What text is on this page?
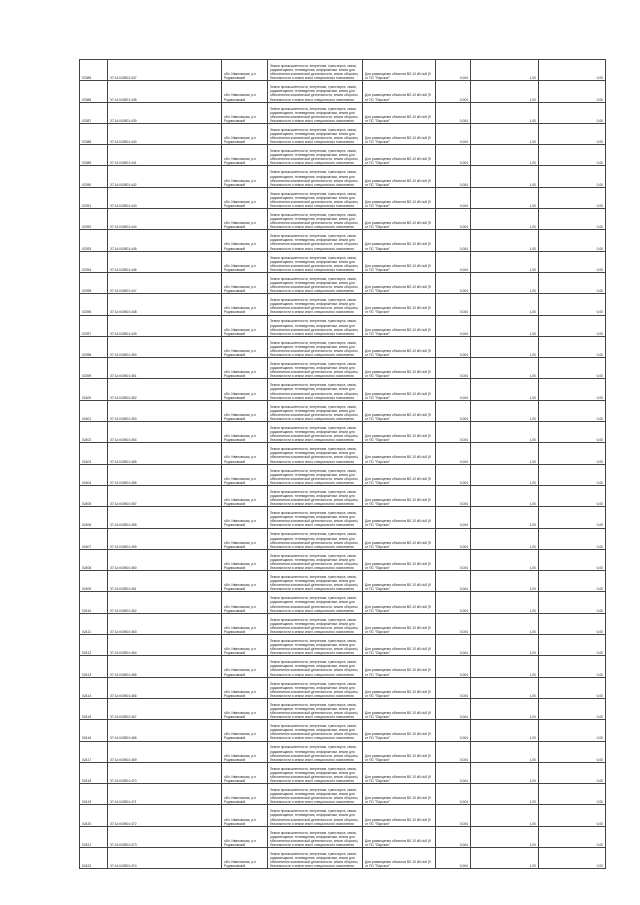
02385	37:14:040501:437	обл. Ивановская, р-н Родниковский	Земли промышленности, энергетики, транспорта, связи, радиовещания, телевидения, информатики, земли для обеспечения космической деятельности, земли обороны, безопасности и земли иного специального назначения	Для размещения объектов ВЛ-10 кВ №8 (9 от ПС "Парское"	0,004	1,00	0,00
02386	37:14:040501:438	обл. Ивановская, р-н Родниковский	Земли промышленности, энергетики, транспорта, связи, радиовещания, телевидения, информатики, земли для обеспечения космической деятельности, земли обороны, безопасности и земли иного специального назначения	Для размещения объектов ВЛ-10 кВ №8 (9 от ПС "Парское"	0,004	1,00	0,00
02387	37:14:040501:439	обл. Ивановская, р-н Родниковский	Земли промышленности, энергетики, транспорта, связи, радиовещания, телевидения, информатики, земли для обеспечения космической деятельности, земли обороны, безопасности и земли иного специального назначения	Для размещения объектов ВЛ-10 кВ №8 (9 от ПС "Парское"	0,004	1,00	0,00
02388	37:14:040501:440	обл. Ивановская, р-н Родниковский	Земли промышленности, энергетики, транспорта, связи, радиовещания, телевидения, информатики, земли для обеспечения космической деятельности, земли обороны, безопасности и земли иного специального назначения	Для размещения объектов ВЛ-10 кВ №8 (9 от ПС "Парское"	0,004	1,00	0,00
02389	37:14:040501:441	обл. Ивановская, р-н Родниковский	Земли промышленности, энергетики, транспорта, связи, радиовещания, телевидения, информатики, земли для обеспечения космической деятельности, земли обороны, безопасности и земли иного специального назначения	Для размещения объектов ВЛ-10 кВ №8 (9 от ПС "Парское"	0,004	1,00	0,00
02390	37:14:040501:442	обл. Ивановская, р-н Родниковский	Земли промышленности, энергетики, транспорта, связи, радиовещания, телевидения, информатики, земли для обеспечения космической деятельности, земли обороны, безопасности и земли иного специального назначения	Для размещения объектов ВЛ-10 кВ №8 (9 от ПС "Парское"	0,004	1,00	0,00
02391	37:14:040501:443	обл. Ивановская, р-н Родниковский	Земли промышленности, энергетики, транспорта, связи, радиовещания, телевидения, информатики, земли для обеспечения космической деятельности, земли обороны, безопасности и земли иного специального назначения	Для размещения объектов ВЛ-10 кВ №8 (9 от ПС "Парское"	0,004	1,00	0,00
02392	37:14:040501:444	обл. Ивановская, р-н Родниковский	Земли промышленности, энергетики, транспорта, связи, радиовещания, телевидения, информатики, земли для обеспечения космической деятельности, земли обороны, безопасности и земли иного специального назначения	Для размещения объектов ВЛ-10 кВ №8 (9 от ПС "Парское"	0,004	1,00	0,00
02393	37:14:040501:445	обл. Ивановская, р-н Родниковский	Земли промышленности, энергетики, транспорта, связи, радиовещания, телевидения, информатики, земли для обеспечения космической деятельности, земли обороны, безопасности и земли иного специального назначения	Для размещения объектов ВЛ-10 кВ №8 (9 от ПС "Парское"	0,004	1,00	0,00
02394	37:14:040501:446	обл. Ивановская, р-н Родниковский	Земли промышленности, энергетики, транспорта, связи, радиовещания, телевидения, информатики, земли для обеспечения космической деятельности, земли обороны, безопасности и земли иного специального назначения	Для размещения объектов ВЛ-10 кВ №8 (9 от ПС "Парское"	0,004	1,00	0,00
02395	37:14:040501:447	обл. Ивановская, р-н Родниковский	Земли промышленности, энергетики, транспорта, связи, радиовещания, телевидения, информатики, земли для обеспечения космической деятельности, земли обороны, безопасности и земли иного специального назначения	Для размещения объектов ВЛ-10 кВ №8 (9 от ПС "Парское"	0,004	1,00	0,00
02396	37:14:040501:448	обл. Ивановская, р-н Родниковский	Земли промышленности, энергетики, транспорта, связи, радиовещания, телевидения, информатики, земли для обеспечения космической деятельности, земли обороны, безопасности и земли иного специального назначения	Для размещения объектов ВЛ-10 кВ №8 (9 от ПС "Парское"	0,004	1,00	0,00
02397	37:14:040501:449	обл. Ивановская, р-н Родниковский	Земли промышленности, энергетики, транспорта, связи, радиовещания, телевидения, информатики, земли для обеспечения космической деятельности, земли обороны, безопасности и земли иного специального назначения	Для размещения объектов ВЛ-10 кВ №8 (9 от ПС "Парское"	0,004	1,00	0,00
02398	37:14:040501:450	обл. Ивановская, р-н Родниковский	Земли промышленности, энергетики, транспорта, связи, радиовещания, телевидения, информатики, земли для обеспечения космической деятельности, земли обороны, безопасности и земли иного специального назначения	Для размещения объектов ВЛ-10 кВ №8 (9 от ПС "Парское"	0,004	1,00	0,00
02399	37:14:040501:451	обл. Ивановская, р-н Родниковский	Земли промышленности, энергетики, транспорта, связи, радиовещания, телевидения, информатики, земли для обеспечения космической деятельности, земли обороны, безопасности и земли иного специального назначения	Для размещения объектов ВЛ-10 кВ №8 (9 от ПС "Парское"	0,004	1,00	0,00
02400	37:14:040501:452	обл. Ивановская, р-н Родниковский	Земли промышленности, энергетики, транспорта, связи, радиовещания, телевидения, информатики, земли для обеспечения космической деятельности, земли обороны, безопасности и земли иного специального назначения	Для размещения объектов ВЛ-10 кВ №8 (9 от ПС "Парское"	0,004	1,00	0,00
02401	37:14:040501:453	обл. Ивановская, р-н Родниковский	Земли промышленности, энергетики, транспорта, связи, радиовещания, телевидения, информатики, земли для обеспечения космической деятельности, земли обороны, безопасности и земли иного специального назначения	Для размещения объектов ВЛ-10 кВ №8 (9 от ПС "Парское"	0,004	1,00	0,00
02402	37:14:040501:454	обл. Ивановская, р-н Родниковский	Земли промышленности, энергетики, транспорта, связи, радиовещания, телевидения, информатики, земли для обеспечения космической деятельности, земли обороны, безопасности и земли иного специального назначения	Для размещения объектов ВЛ-10 кВ №8 (9 от ПС "Парское"	0,004	1,00	0,00
02403	37:14:040501:455	обл. Ивановская, р-н Родниковский	Земли промышленности, энергетики, транспорта, связи, радиовещания, телевидения, информатики, земли для обеспечения космической деятельности, земли обороны, безопасности и земли иного специального назначения	Для размещения объектов ВЛ-10 кВ №8 (9 от ПС "Парское"	0,004	1,00	0,00
02404	37:14:040501:456	обл. Ивановская, р-н Родниковский	Земли промышленности, энергетики, транспорта, связи, радиовещания, телевидения, информатики, земли для обеспечения космической деятельности, земли обороны, безопасности и земли иного специального назначения	Для размещения объектов ВЛ-10 кВ №8 (9 от ПС "Парское"	0,004	1,00	0,00
02405	37:14:040501:457	обл. Ивановская, р-н Родниковский	Земли промышленности, энергетики, транспорта, связи, радиовещания, телевидения, информатики, земли для обеспечения космической деятельности, земли обороны, безопасности и земли иного специального назначения	Для размещения объектов ВЛ-10 кВ №8 (9 от ПС "Парское"	0,004	1,00	0,00
02406	37:14:040501:458	обл. Ивановская, р-н Родниковский	Земли промышленности, энергетики, транспорта, связи, радиовещания, телевидения, информатики, земли для обеспечения космической деятельности, земли обороны, безопасности и земли иного специального назначения	Для размещения объектов ВЛ-10 кВ №8 (9 от ПС "Парское"	0,004	1,00	0,00
02407	37:14:040501:459	обл. Ивановская, р-н Родниковский	Земли промышленности, энергетики, транспорта, связи, радиовещания, телевидения, информатики, земли для обеспечения космической деятельности, земли обороны, безопасности и земли иного специального назначения	Для размещения объектов ВЛ-10 кВ №8 (9 от ПС "Парское"	0,004	1,00	0,00
02408	37:14:040501:460	обл. Ивановская, р-н Родниковский	Земли промышленности, энергетики, транспорта, связи, радиовещания, телевидения, информатики, земли для обеспечения космической деятельности, земли обороны, безопасности и земли иного специального назначения	Для размещения объектов ВЛ-10 кВ №8 (9 от ПС "Парское"	0,004	1,00	0,00
02409	37:14:040501:461	обл. Ивановская, р-н Родниковский	Земли промышленности, энергетики, транспорта, связи, радиовещания, телевидения, информатики, земли для обеспечения космической деятельности, земли обороны, безопасности и земли иного специального назначения	Для размещения объектов ВЛ-10 кВ №8 (9 от ПС "Парское"	0,004	1,00	0,00
02410	37:14:040501:462	обл. Ивановская, р-н Родниковский	Земли промышленности, энергетики, транспорта, связи, радиовещания, телевидения, информатики, земли для обеспечения космической деятельности, земли обороны, безопасности и земли иного специального назначения	Для размещения объектов ВЛ-10 кВ №8 (9 от ПС "Парское"	0,004	1,00	0,00
02411	37:14:040501:463	обл. Ивановская, р-н Родниковский	Земли промышленности, энергетики, транспорта, связи, радиовещания, телевидения, информатики, земли для обеспечения космической деятельности, земли обороны, безопасности и земли иного специального назначения	Для размещения объектов ВЛ-10 кВ №8 (9 от ПС "Парское"	0,004	1,00	0,00
02412	37:14:040501:464	обл. Ивановская, р-н Родниковский	Земли промышленности, энергетики, транспорта, связи, радиовещания, телевидения, информатики, земли для обеспечения космической деятельности, земли обороны, безопасности и земли иного специального назначения	Для размещения объектов ВЛ-10 кВ №8 (9 от ПС "Парское"	0,004	1,00	0,00
02413	37:14:040501:465	обл. Ивановская, р-н Родниковский	Земли промышленности, энергетики, транспорта, связи, радиовещания, телевидения, информатики, земли для обеспечения космической деятельности, земли обороны, безопасности и земли иного специального назначения	Для размещения объектов ВЛ-10 кВ №8 (9 от ПС "Парское"	0,004	1,00	0,00
02414	37:14:040501:466	обл. Ивановская, р-н Родниковский	Земли промышленности, энергетики, транспорта, связи, радиовещания, телевидения, информатики, земли для обеспечения космической деятельности, земли обороны, безопасности и земли иного специального назначения	Для размещения объектов ВЛ-10 кВ №8 (9 от ПС "Парское"	0,004	1,00	0,00
02415	37:14:040501:467	обл. Ивановская, р-н Родниковский	Земли промышленности, энергетики, транспорта, связи, радиовещания, телевидения, информатики, земли для обеспечения космической деятельности, земли обороны, безопасности и земли иного специального назначения	Для размещения объектов ВЛ-10 кВ №8 (9 от ПС "Парское"	0,004	1,00	0,00
02416	37:14:040501:468	обл. Ивановская, р-н Родниковский	Земли промышленности, энергетики, транспорта, связи, радиовещания, телевидения, информатики, земли для обеспечения космической деятельности, земли обороны, безопасности и земли иного специального назначения	Для размещения объектов ВЛ-10 кВ №8 (9 от ПС "Парское"	0,004	1,00	0,00
02417	37:14:040501:469	обл. Ивановская, р-н Родниковский	Земли промышленности, энергетики, транспорта, связи, радиовещания, телевидения, информатики, земли для обеспечения космической деятельности, земли обороны, безопасности и земли иного специального назначения	Для размещения объектов ВЛ-10 кВ №8 (9 от ПС "Парское"	0,004	1,00	0,00
02418	37:14:040501:470	обл. Ивановская, р-н Родниковский	Земли промышленности, энергетики, транспорта, связи, радиовещания, телевидения, информатики, земли для обеспечения космической деятельности, земли обороны, безопасности и земли иного специального назначения	Для размещения объектов ВЛ-10 кВ №8 (9 от ПС "Парское"	0,004	1,00	0,00
02419	37:14:040501:471	обл. Ивановская, р-н Родниковский	Земли промышленности, энергетики, транспорта, связи, радиовещания, телевидения, информатики, земли для обеспечения космической деятельности, земли обороны, безопасности и земли иного специального назначения	Для размещения объектов ВЛ-10 кВ №8 (9 от ПС "Парское"	0,004	1,00	0,00
02420	37:14:040501:472	обл. Ивановская, р-н Родниковский	Земли промышленности, энергетики, транспорта, связи, радиовещания, телевидения, информатики, земли для обеспечения космической деятельности, земли обороны, безопасности и земли иного специального назначения	Для размещения объектов ВЛ-10 кВ №8 (9 от ПС "Парское"	0,004	1,00	0,00
02421	37:14:040501:473	обл. Ивановская, р-н Родниковский	Земли промышленности, энергетики, транспорта, связи, радиовещания, телевидения, информатики, земли для обеспечения космической деятельности, земли обороны, безопасности и земли иного специального назначения	Для размещения объектов ВЛ-10 кВ №8 (9 от ПС "Парское"	0,004	1,00	0,00
02422	37:14:040501:474	обл. Ивановская, р-н Родниковский	Земли промышленности, энергетики, транспорта, связи, радиовещания, телевидения, информатики, земли для обеспечения космической деятельности, земли обороны, безопасности и земли иного специального назначения	Для размещения объектов ВЛ-10 кВ №8 (9 от ПС "Парское"	0,004	1,00	0,00
